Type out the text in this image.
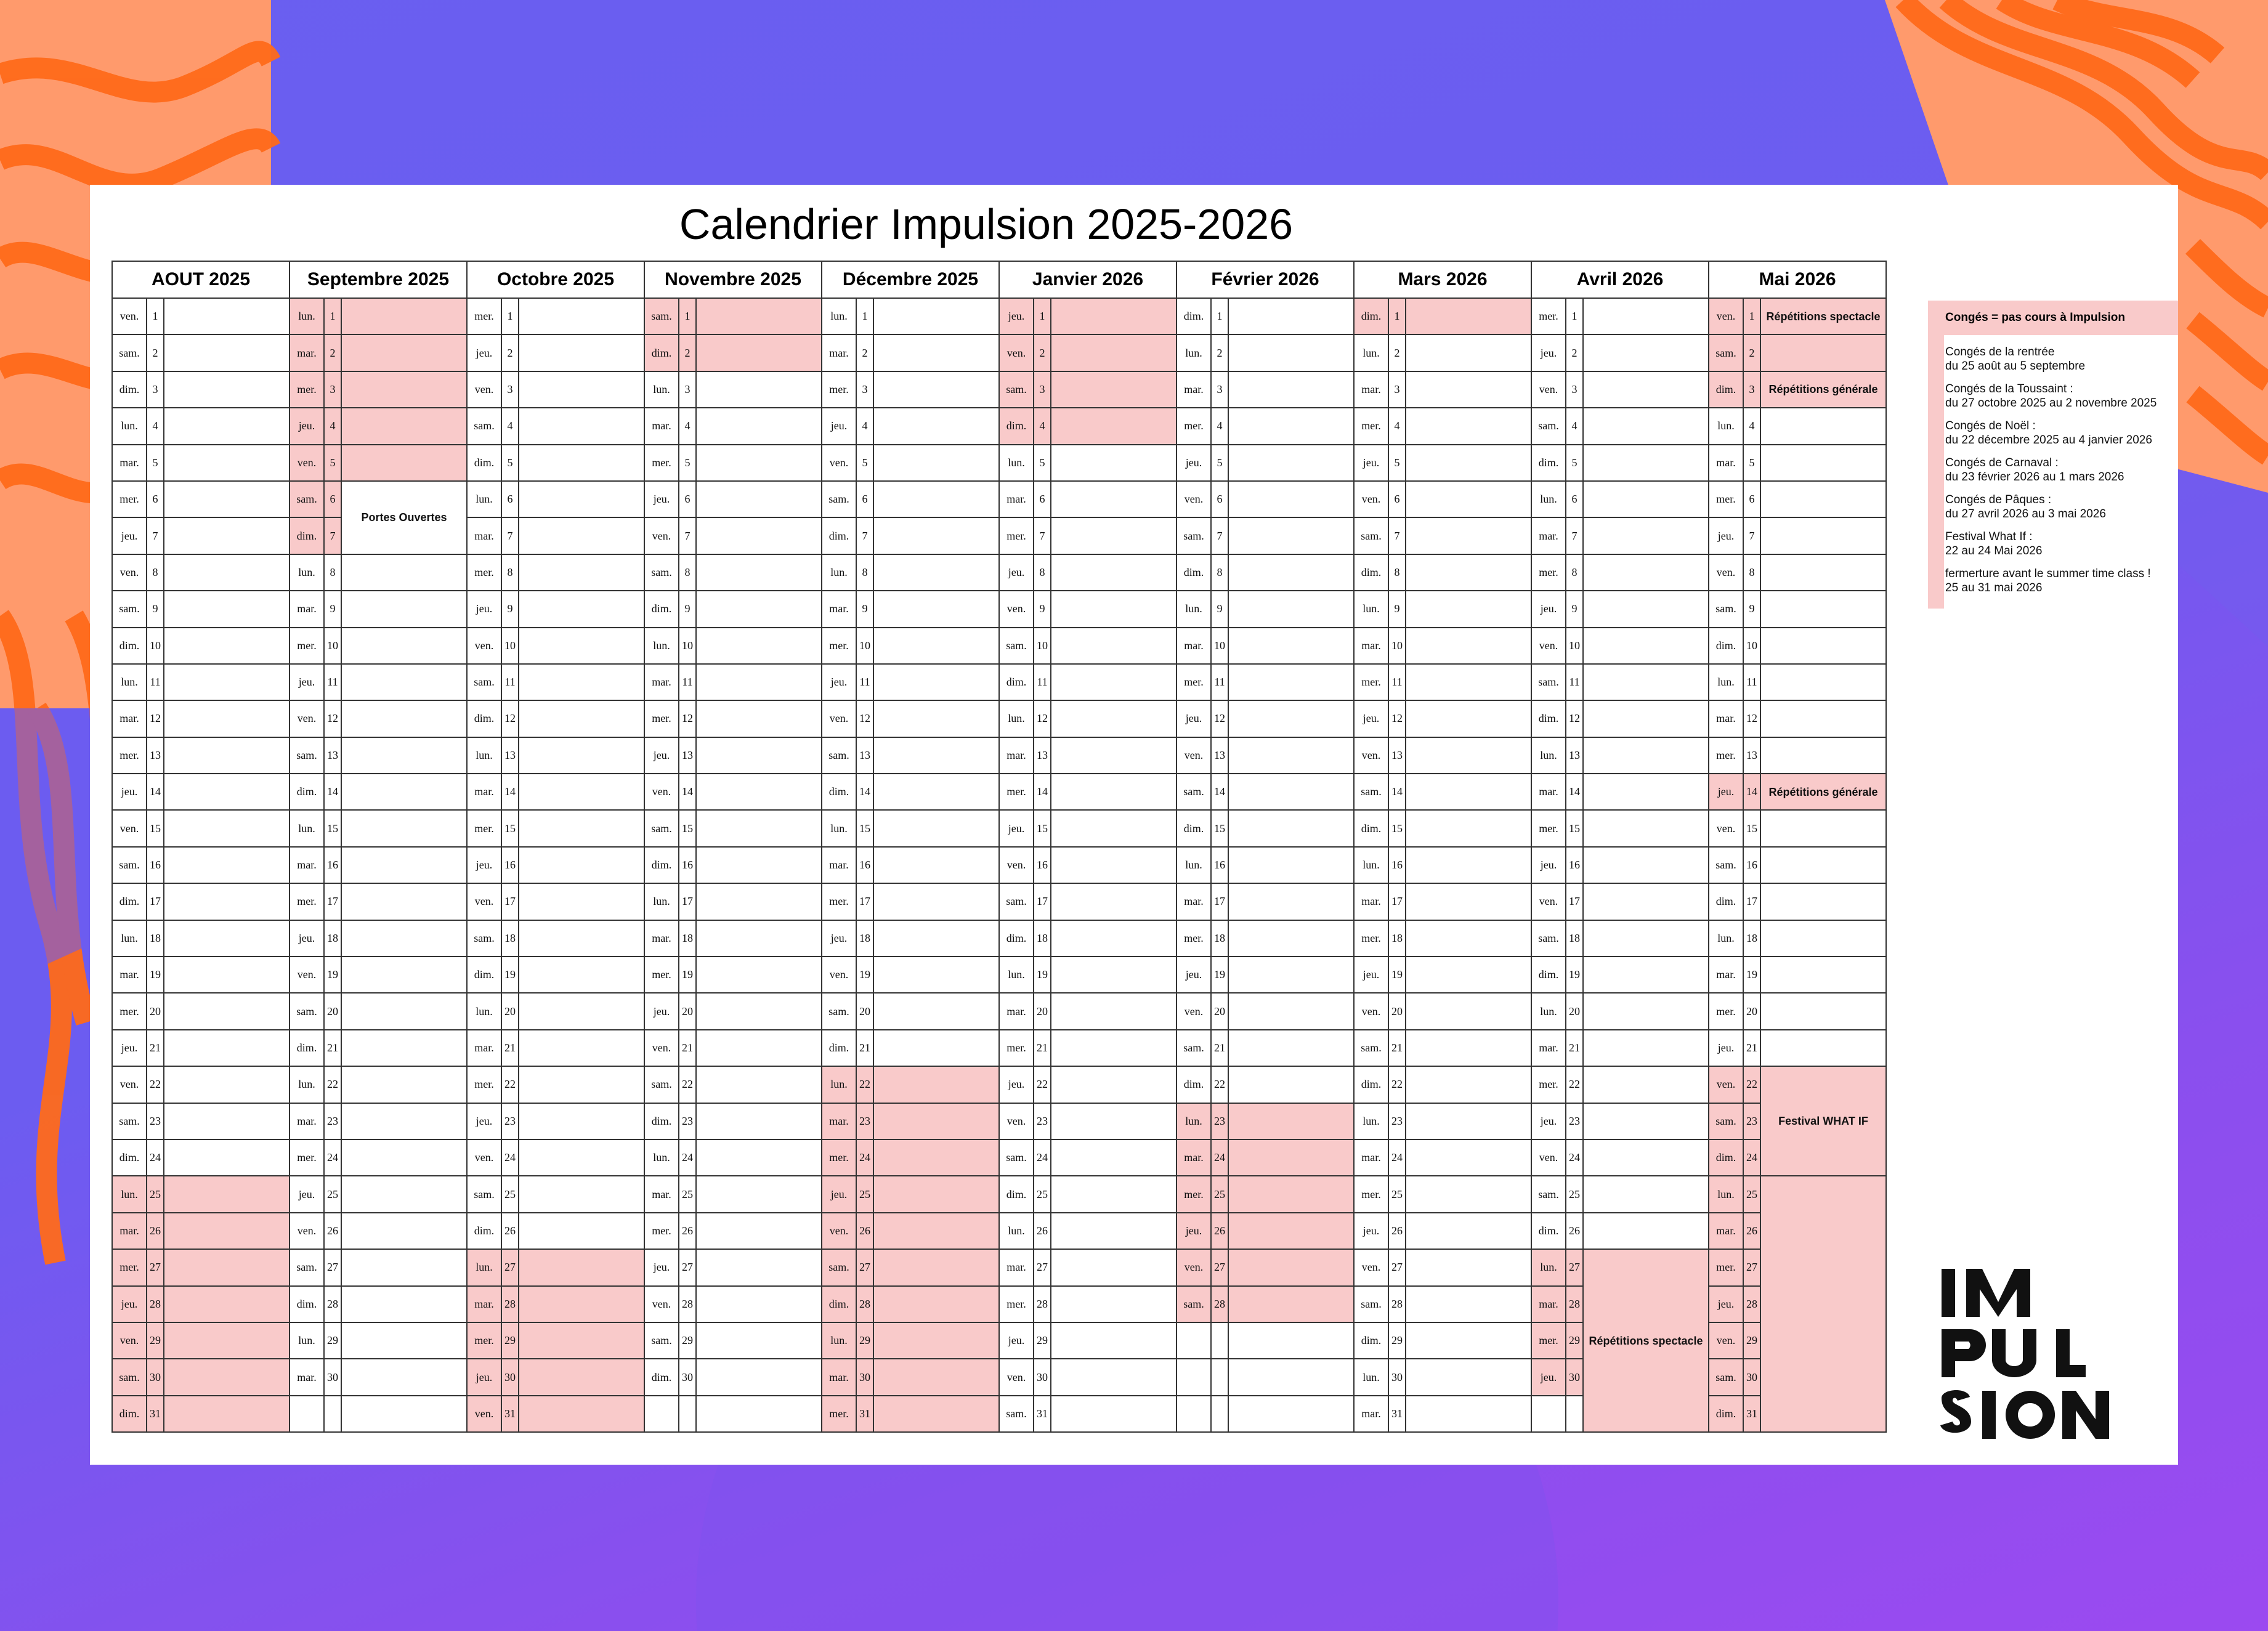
Calendrier Impulsion 2025-2026
AOUT 2025			Septembre 2025			Octobre 2025			Novembre 2025			Décembre 2025			Janvier 2026			Février 2026			Mars 2026			Avril 2026			Mai 2026		
ven.	1		lun.	1		mer.	1		sam.	1		lun.	1		jeu.	1		dim.	1		dim.	1		mer.	1		ven.	1	Répétitions spectacle
sam.	2		mar.	2		jeu.	2		dim.	2		mar.	2		ven.	2		lun.	2		lun.	2		jeu.	2		sam.	2	
dim.	3		mer.	3		ven.	3		lun.	3		mer.	3		sam.	3		mar.	3		mar.	3		ven.	3		dim.	3	Répétitions générale
lun.	4		jeu.	4		sam.	4		mar.	4		jeu.	4		dim.	4		mer.	4		mer.	4		sam.	4		lun.	4	
mar.	5		ven.	5		dim.	5		mer.	5		ven.	5		lun.	5		jeu.	5		jeu.	5		dim.	5		mar.	5	
mer.	6		sam.	6	Portes Ouvertes	lun.	6		jeu.	6		sam.	6		mar.	6		ven.	6		ven.	6		lun.	6		mer.	6	
jeu.	7		dim.	7		mar.	7		ven.	7		dim.	7		mer.	7		sam.	7		sam.	7		mar.	7		jeu.	7	
ven.	8		lun.	8		mer.	8		sam.	8		lun.	8		jeu.	8		dim.	8		dim.	8		mer.	8		ven.	8	
sam.	9		mar.	9		jeu.	9		dim.	9		mar.	9		ven.	9		lun.	9		lun.	9		jeu.	9		sam.	9	
dim.	10		mer.	10		ven.	10		lun.	10		mer.	10		sam.	10		mar.	10		mar.	10		ven.	10		dim.	10	
lun.	11		jeu.	11		sam.	11		mar.	11		jeu.	11		dim.	11		mer.	11		mer.	11		sam.	11		lun.	11	
mar.	12		ven.	12		dim.	12		mer.	12		ven.	12		lun.	12		jeu.	12		jeu.	12		dim.	12		mar.	12	
mer.	13		sam.	13		lun.	13		jeu.	13		sam.	13		mar.	13		ven.	13		ven.	13		lun.	13		mer.	13	
jeu.	14		dim.	14		mar.	14		ven.	14		dim.	14		mer.	14		sam.	14		sam.	14		mar.	14		jeu.	14	Répétitions générale
ven.	15		lun.	15		mer.	15		sam.	15		lun.	15		jeu.	15		dim.	15		dim.	15		mer.	15		ven.	15	
sam.	16		mar.	16		jeu.	16		dim.	16		mar.	16		ven.	16		lun.	16		lun.	16		jeu.	16		sam.	16	
dim.	17		mer.	17		ven.	17		lun.	17		mer.	17		sam.	17		mar.	17		mar.	17		ven.	17		dim.	17	
lun.	18		jeu.	18		sam.	18		mar.	18		jeu.	18		dim.	18		mer.	18		mer.	18		sam.	18		lun.	18	
mar.	19		ven.	19		dim.	19		mer.	19		ven.	19		lun.	19		jeu.	19		jeu.	19		dim.	19		mar.	19	
mer.	20		sam.	20		lun.	20		jeu.	20		sam.	20		mar.	20		ven.	20		ven.	20		lun.	20		mer.	20	
jeu.	21		dim.	21		mar.	21		ven.	21		dim.	21		mer.	21		sam.	21		sam.	21		mar.	21		jeu.	21	
ven.	22		lun.	22		mer.	22		sam.	22		lun.	22		jeu.	22		dim.	22		dim.	22		mer.	22		ven.	22	Festival WHAT IF
sam.	23		mar.	23		jeu.	23		dim.	23		mar.	23		ven.	23		lun.	23		lun.	23		jeu.	23		sam.	23	
dim.	24		mer.	24		ven.	24		lun.	24		mer.	24		sam.	24		mar.	24		mar.	24		ven.	24		dim.	24	
lun.	25		jeu.	25		sam.	25		mar.	25		jeu.	25		dim.	25		mer.	25		mer.	25		sam.	25		lun.	25	
mar.	26		ven.	26		dim.	26		mer.	26		ven.	26		lun.	26		jeu.	26		jeu.	26		dim.	26		mar.	26	
mer.	27		sam.	27		lun.	27		jeu.	27		sam.	27		mar.	27		ven.	27		ven.	27		lun.	27	Répétitions spectacle	mer.	27	
jeu.	28		dim.	28		mar.	28		ven.	28		dim.	28		mer.	28		sam.	28		sam.	28		mar.	28		jeu.	28	
ven.	29		lun.	29		mer.	29		sam.	29		lun.	29		jeu.	29					dim.	29		mer.	29		ven.	29	
sam.	30		mar.	30		jeu.	30		dim.	30		mar.	30		ven.	30					lun.	30		jeu.	30		sam.	30	
dim.	31					ven.	31					mer.	31		sam.	31					mar.	31					dim.	31	
Congés = pas cours à Impulsion
Congés de la rentrée
du 25 août au 5 septembre
Congés de la Toussaint :
du 27 octobre 2025 au 2 novembre 2025
Congés de Noël :
du 22 décembre 2025 au 4 janvier 2026
Congés de Carnaval :
du 23 février 2026 au 1 mars 2026
Congés de Pâques :
du 27 avril 2026 au 3 mai 2026
Festival What If :
22 au 24 Mai 2026
fermerture avant le summer time class !
25 au 31 mai 2026
